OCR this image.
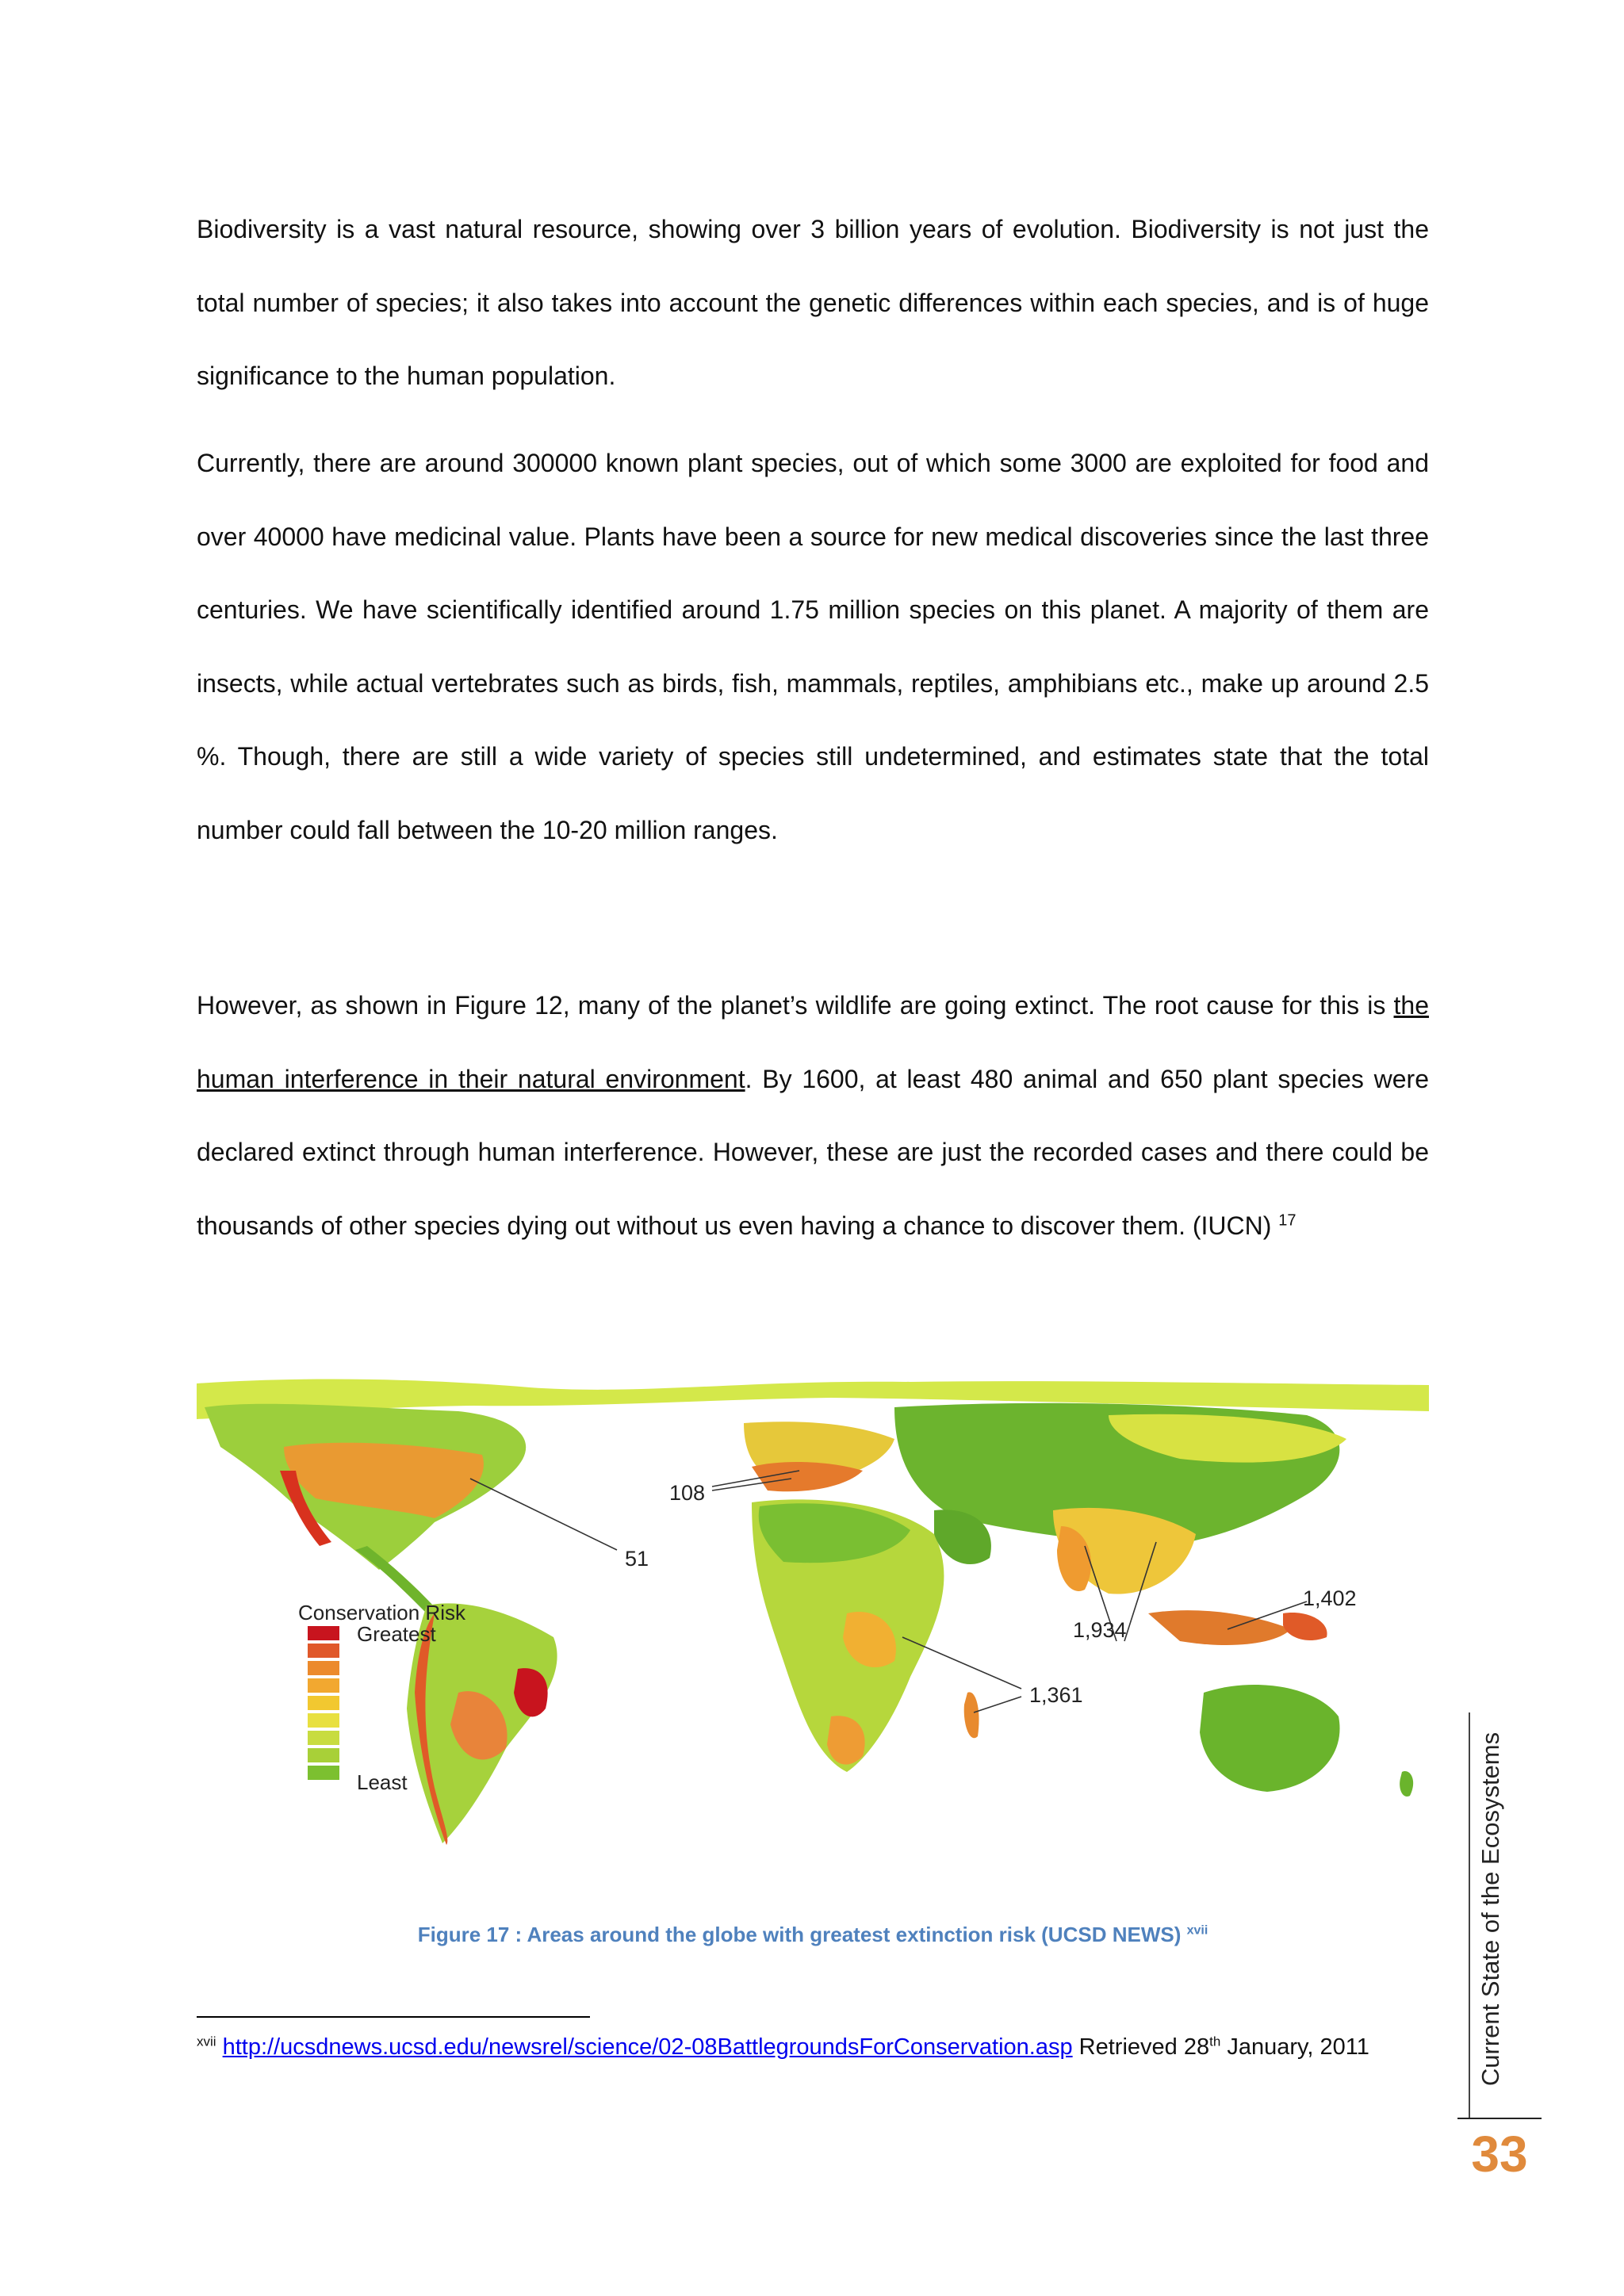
Biodiversity is a vast natural resource, showing over 3 billion years of evolution. Biodiversity is not just the total number of species; it also takes into account the genetic differences within each species, and is of huge significance to the human population.

Currently, there are around 300000 known plant species, out of which some 3000 are exploited for food and over 40000 have medicinal value. Plants have been a source for new medical discoveries since the last three centuries. We have scientifically identified around 1.75 million species on this planet. A majority of them are insects, while actual vertebrates such as birds, fish, mammals, reptiles, amphibians etc., make up around 2.5 %. Though, there are still a wide variety of species still undetermined, and estimates state that the total number could fall between the 10-20 million ranges.

However, as shown in Figure 12, many of the planet’s wildlife are going extinct. The root cause for this is the human interference in their natural environment. By 1600, at least 480 animal and 650 plant species were declared extinct through human interference. However, these are just the recorded cases and there could be thousands of other species dying out without us even having a chance to discover them. (IUCN) $^{17}$

51
108
1,361
1,934
1,402
Conservation Risk
Greatest
Least
Figure 17 : Areas around the globe with greatest extinction risk (UCSD NEWS) $^{xvii}$

$^{xvii}$ http://ucsdnews.ucsd.edu/newsrel/science/02-08BattlegroundsForConservation.asp Retrieved 28th January, 2011	Current State of the Ecosystems
33
